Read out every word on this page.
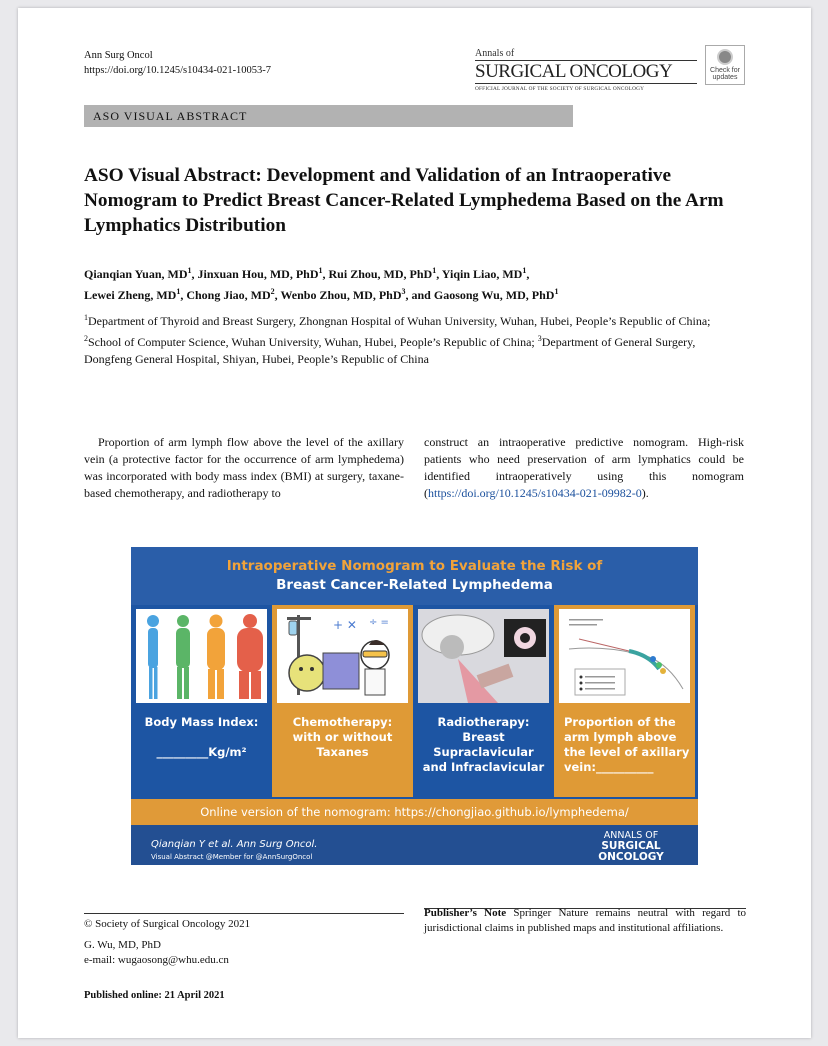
Ann Surg Oncol
https://doi.org/10.1245/s10434-021-10053-7
Annals of
SURGICAL ONCOLOGY
OFFICIAL JOURNAL OF THE SOCIETY OF SURGICAL ONCOLOGY
Check for
updates
ASO VISUAL ABSTRACT
ASO Visual Abstract: Development and Validation of an Intraoperative Nomogram to Predict Breast Cancer-Related Lymphedema Based on the Arm Lymphatics Distribution
Qianqian Yuan, $MD^1$, Jinxuan Hou, MD, PhD$^1$, Rui Zhou, MD, PhD$^1$, Yiqin Liao, $MD^1$,
Lewei Zheng, $MD^1$, Chong Jiao, $MD^2$, Wenbo Zhou, MD, PhD$^3$, and Gaosong Wu, MD, PhD$^1$
$^1$Department of Thyroid and Breast Surgery, Zhongnan Hospital of Wuhan University, Wuhan, Hubei, People’s Republic of China; $^2$School of Computer Science, Wuhan University, Wuhan, Hubei, People’s Republic of China; $^3$Department of General Surgery, Dongfeng General Hospital, Shiyan, Hubei, People’s Republic of China
Proportion of arm lymph flow above the level of the axillary vein (a protective factor for the occurrence of arm lymphedema) was incorporated with body mass index (BMI) at surgery, taxane-based chemotherapy, and radiotherapy to
construct an intraoperative predictive nomogram. High-risk patients who need preservation of arm lymphatics could be identified intraoperatively using this nomogram (https://doi.org/10.1245/s10434-021-09982-0).
Intraoperative Nomogram to Evaluate the Risk of
Breast Cancer-Related Lymphedema
Body Mass Index:

_________Kg/m²
+ ✕ ÷ =
Chemotherapy:
with or without
Taxanes
Radiotherapy:
Breast
Supraclavicular
and Infraclavicular
Proportion of the
arm lymph above
the level of axillary
vein:__________
Online version of the nomogram: https://chongjiao.github.io/lymphedema/
Qianqian Y et al. Ann Surg Oncol.
Visual Abstract @Member for @AnnSurgOncol
ANNALS OF
SURGICAL
ONCOLOGY
© Society of Surgical Oncology 2021
G. Wu, MD, PhD
e-mail: wugaosong@whu.edu.cn
Publisher’s Note Springer Nature remains neutral with regard to jurisdictional claims in published maps and institutional affiliations.
Published online: 21 April 2021
